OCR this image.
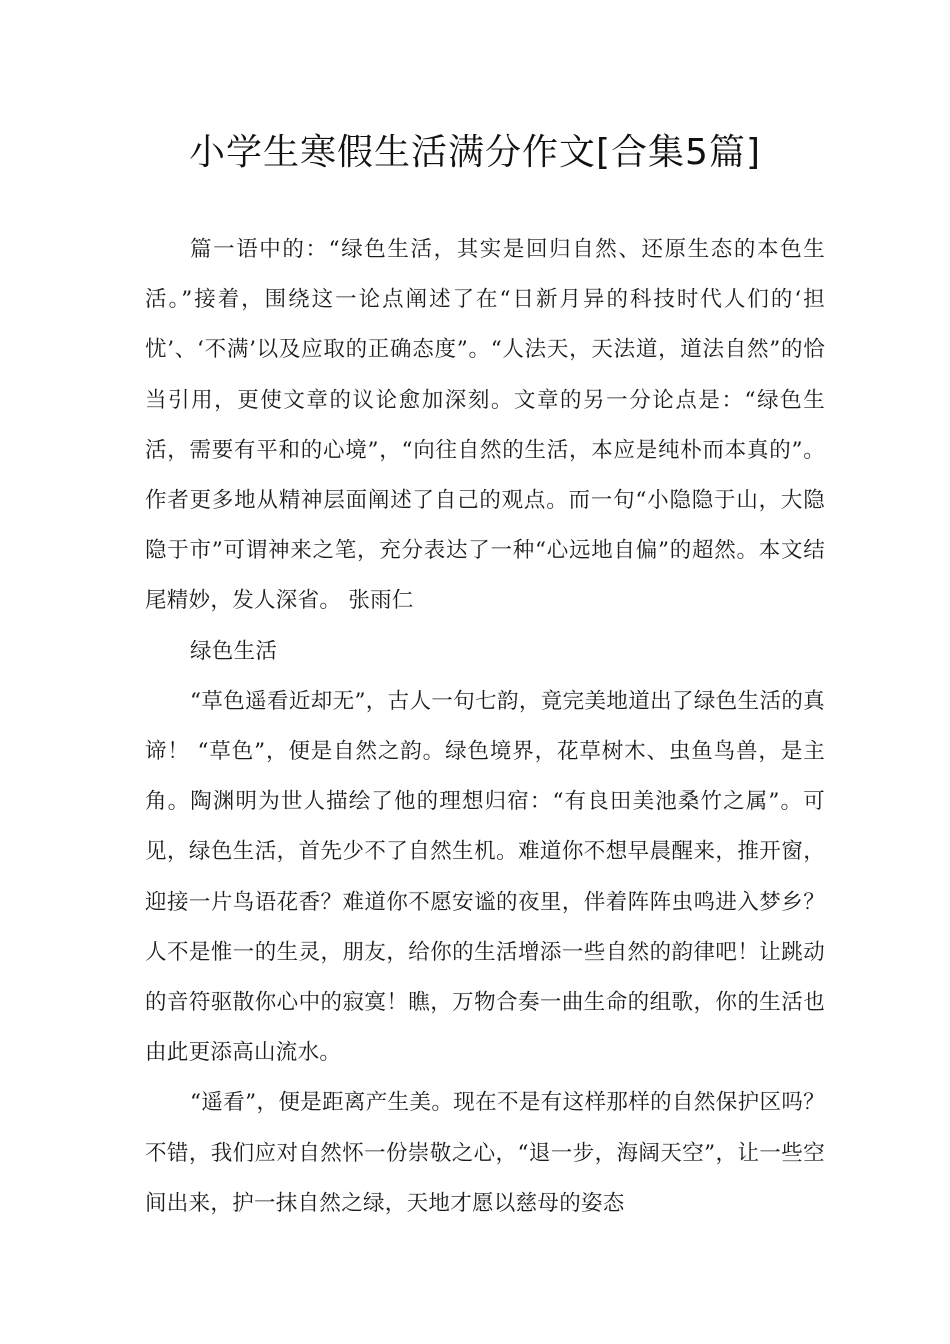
小学生寒假生活满分作文[合集5篇]

篇一语中的：“绿色生活，其实是回归自然、还原生态的本色生活。”接着，围绕这一论点阐述了在“日新月异的科技时代人们的‘担忧’、‘不满’以及应取的正确态度”。“人法天，天法道，道法自然”的恰当引用，更使文章的议论愈加深刻。文章的另一分论点是：“绿色生活，需要有平和的心境”，“向往自然的生活，本应是纯朴而本真的”。作者更多地从精神层面阐述了自己的观点。而一句“小隐隐于山，大隐隐于市”可谓神来之笔，充分表达了一种“心远地自偏”的超然。本文结尾精妙，发人深省。 张雨仁

绿色生活

“草色遥看近却无”，古人一句七韵，竟完美地道出了绿色生活的真谛！ “草色”，便是自然之韵。绿色境界，花草树木、虫鱼鸟兽，是主角。陶渊明为世人描绘了他的理想归宿：“有良田美池桑竹之属”。可见，绿色生活，首先少不了自然生机。难道你不想早晨醒来，推开窗，迎接一片鸟语花香？难道你不愿安谧的夜里，伴着阵阵虫鸣进入梦乡？人不是惟一的生灵，朋友，给你的生活增添一些自然的韵律吧！让跳动的音符驱散你心中的寂寞！瞧，万物合奏一曲生命的组歌，你的生活也由此更添高山流水。

“遥看”，便是距离产生美。现在不是有这样那样的自然保护区吗？不错，我们应对自然怀一份崇敬之心，“退一步，海阔天空”，让一些空间出来，护一抹自然之绿，天地才愿以慈母的姿态
